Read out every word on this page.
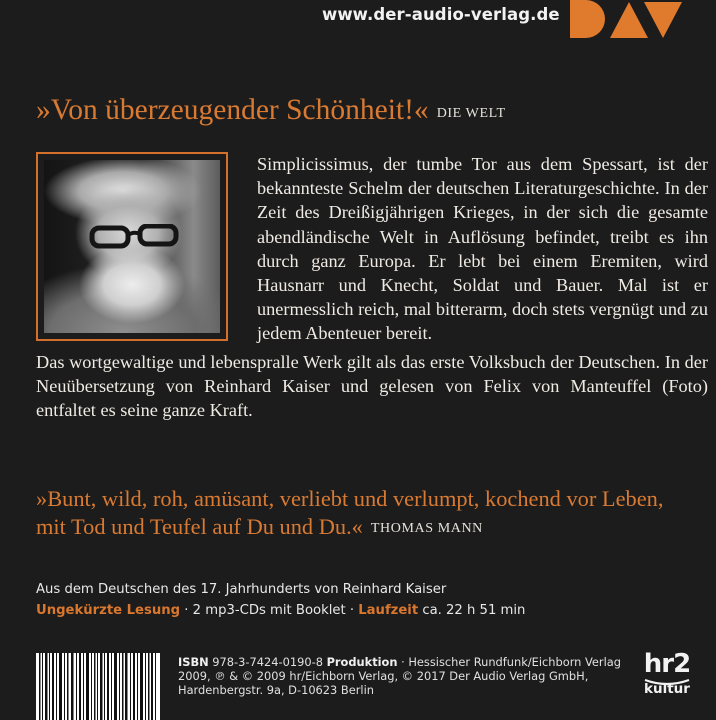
www.der-audio-verlag.de
»Von überzeugender Schönheit!« DIE WELT

Simplicissimus, der tumbe Tor aus dem Spessart, ist der bekannteste Schelm der deutschen Literaturgeschichte. In der Zeit des Dreißigjährigen Krieges, in der sich die gesamte abendländische Welt in Auflösung befindet, treibt es ihn durch ganz Europa. Er lebt bei einem Eremiten, wird Hausnarr und Knecht, Soldat und Bauer. Mal ist er unermesslich reich, mal bitterarm, doch stets vergnügt und zu jedem Abenteuer bereit.

Das wortgewaltige und lebenspralle Werk gilt als das erste Volksbuch der Deutschen. In der Neuübersetzung von Reinhard Kaiser und gelesen von Felix von Manteuffel (Foto) entfaltet es seine ganze Kraft.

»Bunt, wild, roh, amüsant, verliebt und verlumpt, kochend vor Leben,
mit Tod und Teufel auf Du und Du.« THOMAS MANN
Aus dem Deutschen des 17. Jahrhunderts von Reinhard Kaiser
Ungekürzte Lesung · 2 mp3-CDs mit Booklet · Laufzeit ca. 22 h 51 min
ISBN 978-3-7424-0190-8 Produktion · Hessischer Rundfunk/Eichborn Verlag
2009, ℗ & © 2009 hr/Eichborn Verlag, © 2017 Der Audio Verlag GmbH,
Hardenbergstr. 9a, D-10623 Berlin
hr2
kultur
